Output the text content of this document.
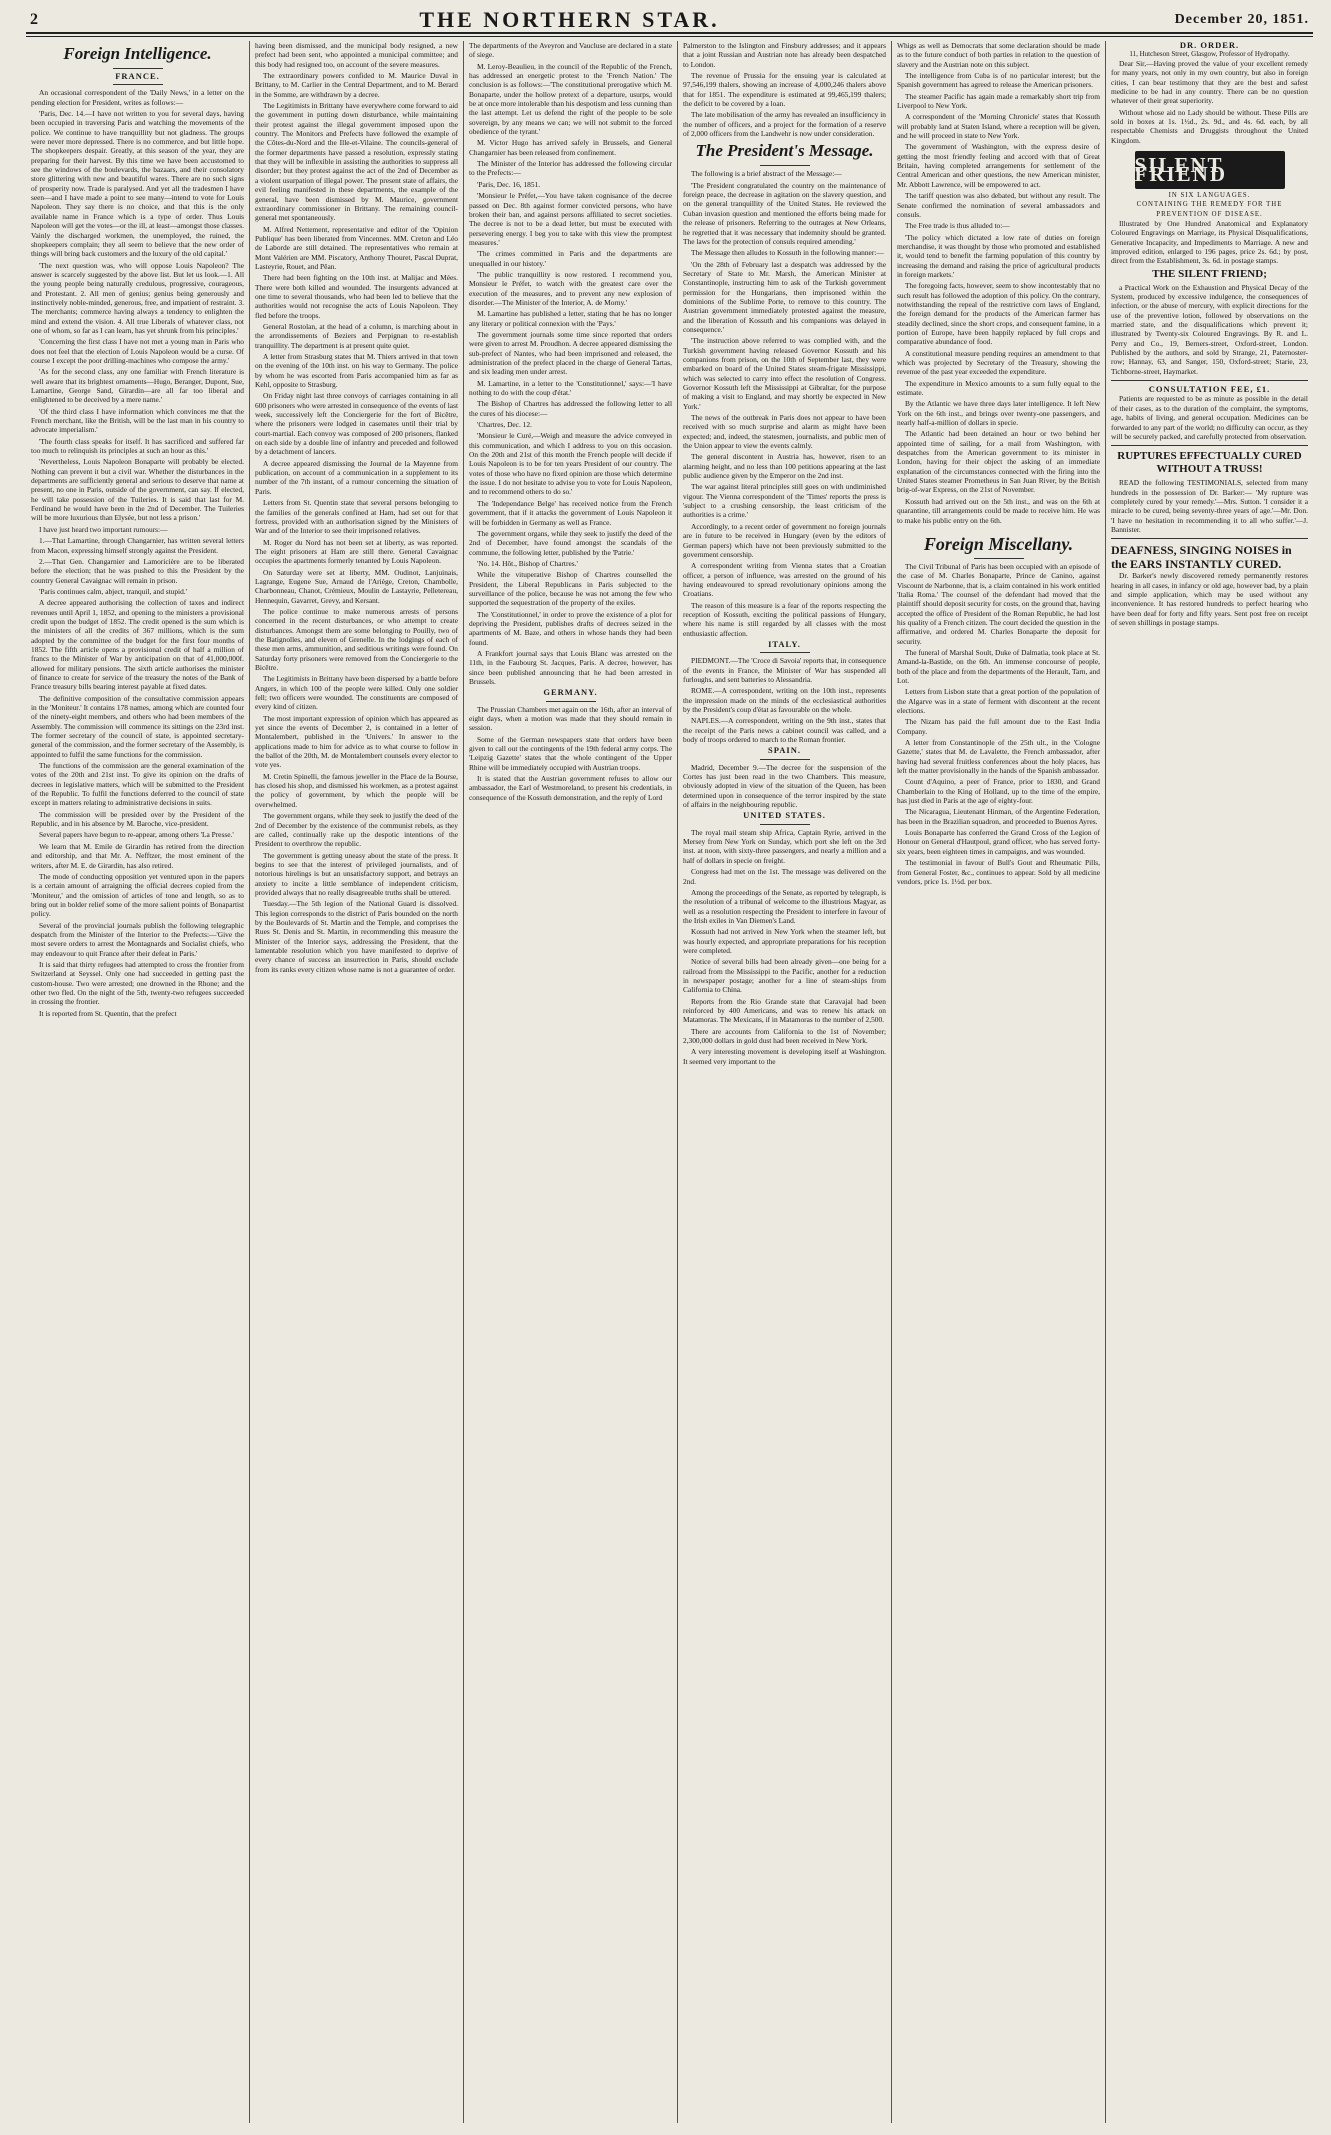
2	THE NORTHERN STAR.	December 20, 1851.
Foreign Intelligence.
FRANCE.

An occasional correspondent of the 'Daily News,' in a letter on the pending election for President, writes as follows:—

'Paris, Dec. 14.—I have not written to you for several days, having been occupied in traversing Paris and watching the movements of the police. We continue to have tranquillity but not gladness. The groups were never more depressed. There is no commerce, and but little hope. The shopkeepers despair. Greatly, at this season of the year, they are preparing for their harvest. By this time we have been accustomed to see the windows of the boulevards, the bazaars, and their consolatory store glittering with new and beautiful wares. There are no such signs of prosperity now. Trade is paralysed. And yet all the tradesmen I have seen—and I have made a point to see many—intend to vote for Louis Napoleon. They say there is no choice, and that this is the only available name in France which is a type of order. Thus Louis Napoleon will get the votes—or the ill, at least—amongst those classes. Vainly the discharged workmen, the unemployed, the ruined, the shopkeepers complain; they all seem to believe that the new order of things will bring back customers and the luxury of the old capital.'

'The next question was, who will oppose Louis Napoleon? The answer is scarcely suggested by the above list. But let us look.—1. All the young people being naturally credulous, progressive, courageous, and Protestant. 2. All men of genius; genius being generously and instinctively noble-minded, generous, free, and impatient of restraint. 3. The merchants; commerce having always a tendency to enlighten the mind and extend the vision. 4. All true Liberals of whatever class, not one of whom, so far as I can learn, has yet shrunk from his principles.'

'Concerning the first class I have not met a young man in Paris who does not feel that the election of Louis Napoleon would be a curse. Of course I except the poor drilling-machines who compose the army.'

'As for the second class, any one familiar with French literature is well aware that its brightest ornaments—Hugo, Beranger, Dupont, Sue, Lamartine, George Sand, Girardin—are all far too liberal and enlightened to be deceived by a mere name.'

'Of the third class I have information which convinces me that the French merchant, like the British, will be the last man in his country to advocate imperialism.'

'The fourth class speaks for itself. It has sacrificed and suffered far too much to relinquish its principles at such an hour as this.'

'Nevertheless, Louis Napoleon Bonaparte will probably be elected. Nothing can prevent it but a civil war. Whether the disturbances in the departments are sufficiently general and serious to deserve that name at present, no one in Paris, outside of the government, can say. If elected, he will take possession of the Tuileries. It is said that last for M. Ferdinand he would have been in the 2nd of December. The Tuileries will be more luxurious than Elysée, but not less a prison.'

I have just heard two important rumours:—

1.—That Lamartine, through Changarnier, has written several letters from Macon, expressing himself strongly against the President.

2.—That Gen. Changarnier and Lamoricière are to be liberated before the election; that he was pushed to this the President by the country General Cavaignac will remain in prison.

'Paris continues calm, abject, tranquil, and stupid.'

A decree appeared authorising the collection of taxes and indirect revenues until April 1, 1852, and opening to the ministers a provisional credit upon the budget of 1852. The credit opened is the sum which is the ministers of all the credits of 367 millions, which is the sum adopted by the committee of the budget for the first four months of 1852. The fifth article opens a provisional credit of half a million of francs to the Minister of War by anticipation on that of 41,000,000f. allowed for military pensions. The sixth article authorises the minister of finance to create for service of the treasury the notes of the Bank of France treasury bills bearing interest payable at fixed dates.

The definitive composition of the consultative commission appears in the 'Moniteur.' It contains 178 names, among which are counted four of the ninety-eight members, and others who had been members of the Assembly. The commission will commence its sittings on the 23rd inst. The former secretary of the council of state, is appointed secretary-general of the commission, and the former secretary of the Assembly, is appointed to fulfil the same functions for the commission.

The functions of the commission are the general examination of the votes of the 20th and 21st inst. To give its opinion on the drafts of decrees in legislative matters, which will be submitted to the President of the Republic. To fulfil the functions deferred to the council of state except in matters relating to administrative decisions in suits.

The commission will be presided over by the President of the Republic, and in his absence by M. Baroche, vice-president.

Several papers have begun to re-appear, among others 'La Presse.'

We learn that M. Emile de Girardin has retired from the direction and editorship, and that Mr. A. Nefftzer, the most eminent of the writers, after M. E. de Girardin, has also retired.

The mode of conducting opposition yet ventured upon in the papers is a certain amount of arraigning the official decrees copied from the 'Moniteur,' and the omission of articles of tone and length, so as to bring out in bolder relief some of the more salient points of Bonapartist policy.

Several of the provincial journals publish the following telegraphic despatch from the Minister of the Interior to the Prefects:—'Give the most severe orders to arrest the Montagnards and Socialist chiefs, who may endeavour to quit France after their defeat in Paris.'

It is said that thirty refugees had attempted to cross the frontier from Switzerland at Seyssel. Only one had succeeded in getting past the custom-house. Two were arrested; one drowned in the Rhone; and the other two fled. On the night of the 5th, twenty-two refugees succeeded in crossing the frontier.

It is reported from St. Quentin, that the prefect

having been dismissed, and the municipal body resigned, a new prefect had been sent, who appointed a municipal committee; and this body had resigned too, on account of the severe measures.

The extraordinary powers confided to M. Maurice Duval in Brittany, to M. Carlier in the Central Department, and to M. Berard in the Somme, are withdrawn by a decree.

The Legitimists in Brittany have everywhere come forward to aid the government in putting down disturbance, while maintaining their protest against the illegal government imposed upon the country. The Monitors and Prefects have followed the example of the Côtes-du-Nord and the Ille-et-Vilaine. The councils-general of the former departments have passed a resolution, expressly stating that they will be inflexible in assisting the authorities to suppress all disorder; but they protest against the act of the 2nd of December as a violent usurpation of illegal power. The present state of affairs, the evil feeling manifested in these departments, the example of the general, have been dismissed by M. Maurice, government extraordinary commissioner in Brittany. The remaining council-general met spontaneously.

M. Alfred Nettement, representative and editor of the 'Opinion Publique' has been liberated from Vincennes. MM. Creton and Léo de Laborde are still detained. The representatives who remain at Mont Valérien are MM. Piscatory, Anthony Thouret, Pascal Duprat, Lasteyrie, Rouet, and Pêan.

There had been fighting on the 10th inst. at Malijac and Mées. There were both killed and wounded. The insurgents advanced at one time to several thousands, who had been led to believe that the authorities would not recognise the acts of Louis Napoleon. They fled before the troops.

General Rostolan, at the head of a column, is marching about in the arrondissements of Beziers and Perpignan to re-establish tranquillity. The department is at present quite quiet.

A letter from Strasburg states that M. Thiers arrived in that town on the evening of the 10th inst. on his way to Germany. The police by whom he was escorted from Paris accompanied him as far as Kehl, opposite to Strasburg.

On Friday night last three convoys of carriages containing in all 600 prisoners who were arrested in consequence of the events of last week, successively left the Conciergerie for the fort of Bicêtre, where the prisoners were lodged in casemates until their trial by court-martial. Each convoy was composed of 200 prisoners, flanked on each side by a double line of infantry and preceded and followed by a detachment of lancers.

A decree appeared dismissing the Journal de la Mayenne from publication, on account of a communication in a supplement to its number of the 7th instant, of a rumour concerning the situation of Paris.

Letters from St. Quentin state that several persons belonging to the families of the generals confined at Ham, had set out for that fortress, provided with an authorisation signed by the Ministers of War and of the Interior to see their imprisoned relatives.

M. Roger du Nord has not been set at liberty, as was reported. The eight prisoners at Ham are still there. General Cavaignac occupies the apartments formerly tenanted by Louis Napoleon.

On Saturday were set at liberty, MM. Oudinot, Lanjuinais, Lagrange, Eugene Sue, Arnaud de l'Ariège, Creton, Chambolle, Charbonneau, Chanot, Crémieux, Moulin de Lastayrie, Pelletereau, Hennequin, Gavarret, Grevy, and Kersant.

The police continue to make numerous arrests of persons concerned in the recent disturbances, or who attempt to create disturbances. Amongst them are some belonging to Pouilly, two of the Batignolles, and eleven of Grenelle. In the lodgings of each of these men arms, ammunition, and seditious writings were found. On Saturday forty prisoners were removed from the Conciergerie to the Bicêtre.

The Legitimists in Brittany have been dispersed by a battle before Angers, in which 100 of the people were killed. Only one soldier fell; two officers were wounded. The constituents are composed of every kind of citizen.

The most important expression of opinion which has appeared as yet since the events of December 2, is contained in a letter of Montalembert, published in the 'Univers.' In answer to the applications made to him for advice as to what course to follow in the ballot of the 20th, M. de Montalembert counsels every elector to vote yes.

M. Cretin Spinelli, the famous jeweller in the Place de la Bourse, has closed his shop, and dismissed his workmen, as a protest against the policy of government, by which the people will be overwhelmed.

The government organs, while they seek to justify the deed of the 2nd of December by the existence of the communist rebels, as they are called, continually rake up the despotic intentions of the President to overthrow the republic.

The government is getting uneasy about the state of the press. It begins to see that the interest of privileged journalists, and of notorious hirelings is but an unsatisfactory support, and betrays an anxiety to incite a little semblance of independent criticism, provided always that no really disagreeable truths shall be uttered.

Tuesday.—The 5th legion of the National Guard is dissolved. This legion corresponds to the district of Paris bounded on the north by the Boulevards of St. Martin and the Temple, and comprises the Rues St. Denis and St. Martin, in recommending this measure the Minister of the Interior says, addressing the President, that the lamentable resolution which you have manifested to deprive of every chance of success an insurrection in Paris, should exclude from its ranks every citizen whose name is not a guarantee of order.

The departments of the Aveyron and Vaucluse are declared in a state of siege.

M. Leroy-Beaulieu, in the council of the Republic of the French, has addressed an energetic protest to the 'French Nation.' The conclusion is as follows:—'The constitutional prerogative which M. Bonaparte, under the hollow pretext of a departure, usurps, would be at once more intolerable than his despotism and less cunning than the last attempt. Let us defend the right of the people to be sole sovereign, by any means we can; we will not submit to the forced obedience of the tyrant.'

M. Victor Hugo has arrived safely in Brussels, and General Changarnier has been released from confinement.

The Minister of the Interior has addressed the following circular to the Prefects:—

'Paris, Dec. 16, 1851.

'Monsieur le Préfet,—You have taken cognisance of the decree passed on Dec. 8th against former convicted persons, who have broken their ban, and against persons affiliated to secret societies. The decree is not to be a dead letter, but must be executed with persevering energy. I beg you to take with this view the promptest measures.'

'The crimes committed in Paris and the departments are unequalled in our history.'

'The public tranquillity is now restored. I recommend you, Monsieur le Préfet, to watch with the greatest care over the execution of the measures, and to prevent any new explosion of disorder.—The Minister of the Interior, A. de Morny.'

M. Lamartine has published a letter, stating that he has no longer any literary or political connexion with the 'Pays.'

The government journals some time since reported that orders were given to arrest M. Proudhon. A decree appeared dismissing the sub-prefect of Nantes, who had been imprisoned and released, the administration of the prefect placed in the charge of General Tartas, and six leading men under arrest.

M. Lamartine, in a letter to the 'Constitutionnel,' says:—'I have nothing to do with the coup d'état.'

The Bishop of Chartres has addressed the following letter to all the cures of his diocese:—

'Chartres, Dec. 12.

'Monsieur le Curé,—Weigh and measure the advice conveyed in this communication, and which I address to you on this occasion. On the 20th and 21st of this month the French people will decide if Louis Napoleon is to be for ten years President of our country. The votes of those who have no fixed opinion are those which determine the issue. I do not hesitate to advise you to vote for Louis Napoleon, and to recommend others to do so.'

The 'Independance Belge' has received notice from the French government, that if it attacks the government of Louis Napoleon it will be forbidden in Germany as well as France.

The government organs, while they seek to justify the deed of the 2nd of December, have found amongst the scandals of the commune, the following letter, published by the 'Patrie.'

'No. 14. Hôt., Bishop of Chartres.'

While the vituperative Bishop of Chartres counselled the President, the Liberal Republicans in Paris subjected to the surveillance of the police, because he was not among the few who supported the sequestration of the property of the exiles.

The 'Constitutionnel,' in order to prove the existence of a plot for depriving the President, publishes drafts of decrees seized in the apartments of M. Baze, and others in whose hands they had been found.

A Frankfort journal says that Louis Blanc was arrested on the 11th, in the Faubourg St. Jacques, Paris. A decree, however, has since been published announcing that he had been arrested in Brussels.

GERMANY.

The Prussian Chambers met again on the 16th, after an interval of eight days, when a motion was made that they should remain in session.

Some of the German newspapers state that orders have been given to call out the contingents of the 19th federal army corps. The 'Leipzig Gazette' states that the whole contingent of the Upper Rhine will be immediately occupied with Austrian troops.

It is stated that the Austrian government refuses to allow our ambassador, the Earl of Westmoreland, to present his credentials, in consequence of the Kossuth demonstration, and the reply of Lord

Palmerston to the Islington and Finsbury addresses; and it appears that a joint Russian and Austrian note has already been despatched to London.

The revenue of Prussia for the ensuing year is calculated at 97,546,199 thalers, showing an increase of 4,000,246 thalers above that for 1851. The expenditure is estimated at 99,465,199 thalers; the deficit to be covered by a loan.

The late mobilisation of the army has revealed an insufficiency in the number of officers, and a project for the formation of a reserve of 2,000 officers from the Landwehr is now under consideration.

The President's Message.

The following is a brief abstract of the Message:—

'The President congratulated the country on the maintenance of foreign peace, the decrease in agitation on the slavery question, and on the general tranquillity of the United States. He reviewed the Cuban invasion question and mentioned the efforts being made for the release of prisoners. Referring to the outrages at New Orleans, he regretted that it was necessary that indemnity should be granted. The laws for the protection of consuls required amending.'

The Message then alludes to Kossuth in the following manner:—

'On the 28th of February last a despatch was addressed by the Secretary of State to Mr. Marsh, the American Minister at Constantinople, instructing him to ask of the Turkish government permission for the Hungarians, then imprisoned within the dominions of the Sublime Porte, to remove to this country. The Austrian government immediately protested against the measure, and the liberation of Kossuth and his companions was delayed in consequence.'

'The instruction above referred to was complied with, and the Turkish government having released Governor Kossuth and his companions from prison, on the 10th of September last, they were embarked on board of the United States steam-frigate Mississippi, which was selected to carry into effect the resolution of Congress. Governor Kossuth left the Mississippi at Gibraltar, for the purpose of making a visit to England, and may shortly be expected in New York.'

The news of the outbreak in Paris does not appear to have been received with so much surprise and alarm as might have been expected; and, indeed, the statesmen, journalists, and public men of the Union appear to view the events calmly.

The general discontent in Austria has, however, risen to an alarming height, and no less than 100 petitions appearing at the last public audience given by the Emperor on the 2nd inst.

The war against literal principles still goes on with undiminished vigour. The Vienna correspondent of the 'Times' reports the press is 'subject to a crushing censorship, the least criticism of the authorities is a crime.'

Accordingly, to a recent order of government no foreign journals are in future to be received in Hungary (even by the editors of German papers) which have not been previously submitted to the government censorship.

A correspondent writing from Vienna states that a Croatian officer, a person of influence, was arrested on the ground of his having endeavoured to spread revolutionary opinions among the Croatians.

The reason of this measure is a fear of the reports respecting the reception of Kossuth, exciting the political passions of Hungary, where his name is still regarded by all classes with the most enthusiastic affection.

ITALY.

PIEDMONT.—The 'Croce di Savoia' reports that, in consequence of the events in France, the Minister of War has suspended all furloughs, and sent batteries to Alessandria.

ROME.—A correspondent, writing on the 10th inst., represents the impression made on the minds of the ecclesiastical authorities by the President's coup d'état as favourable on the whole.

NAPLES.—A correspondent, writing on the 9th inst., states that the receipt of the Paris news a cabinet council was called, and a body of troops ordered to march to the Roman frontier.

SPAIN.

Madrid, December 9.—The decree for the suspension of the Cortes has just been read in the two Chambers. This measure, obviously adopted in view of the situation of the Queen, has been determined upon in consequence of the terror inspired by the state of affairs in the neighbouring republic.

UNITED STATES.

The royal mail steam ship Africa, Captain Ryrie, arrived in the Mersey from New York on Sunday, which port she left on the 3rd inst. at noon, with sixty-three passengers, and nearly a million and a half of dollars in specie on freight.

Congress had met on the 1st. The message was delivered on the 2nd.

Among the proceedings of the Senate, as reported by telegraph, is the resolution of a tribunal of welcome to the illustrious Magyar, as well as a resolution respecting the President to interfere in favour of the Irish exiles in Van Diemen's Land.

Kossuth had not arrived in New York when the steamer left, but was hourly expected, and appropriate preparations for his reception were completed.

Notice of several bills had been already given—one being for a railroad from the Mississippi to the Pacific, another for a reduction in newspaper postage; another for a line of steam-ships from California to China.

Reports from the Rio Grande state that Caravajal had been reinforced by 400 Americans, and was to renew his attack on Matamoras. The Mexicans, if in Matamoras to the number of 2,500.

There are accounts from California to the 1st of November; 2,300,000 dollars in gold dust had been received in New York.

A very interesting movement is developing itself at Washington. It seemed very important to the

Whigs as well as Democrats that some declaration should be made as to the future conduct of both parties in relation to the question of slavery and the Austrian note on this subject.

The intelligence from Cuba is of no particular interest; but the Spanish government has agreed to release the American prisoners.

The steamer Pacific has again made a remarkably short trip from Liverpool to New York.

A correspondent of the 'Morning Chronicle' states that Kossuth will probably land at Staten Island, where a reception will be given, and he will proceed in state to New York.

The government of Washington, with the express desire of getting the most friendly feeling and accord with that of Great Britain, having completed arrangements for settlement of the Central American and other questions, the new American minister, Mr. Abbott Lawrence, will be empowered to act.

The tariff question was also debated, but without any result. The Senate confirmed the nomination of several ambassadors and consuls.

The Free trade is thus alluded to:—

'The policy which dictated a low rate of duties on foreign merchandise, it was thought by those who promoted and established it, would tend to benefit the farming population of this country by increasing the demand and raising the price of agricultural products in foreign markets.'

The foregoing facts, however, seem to show incontestably that no such result has followed the adoption of this policy. On the contrary, notwithstanding the repeal of the restrictive corn laws of England, the foreign demand for the products of the American farmer has steadily declined, since the short crops, and consequent famine, in a portion of Europe, have been happily replaced by full crops and comparative abundance of food.

A constitutional measure pending requires an amendment to that which was projected by Secretary of the Treasury, showing the revenue of the past year exceeded the expenditure.

The expenditure in Mexico amounts to a sum fully equal to the estimate.

By the Atlantic we have three days later intelligence. It left New York on the 6th inst., and brings over twenty-one passengers, and nearly half-a-million of dollars in specie.

The Atlantic had been detained an hour or two behind her appointed time of sailing, for a mail from Washington, with despatches from the American government to its minister in London, having for their object the asking of an immediate explanation of the circumstances connected with the firing into the United States steamer Prometheus in San Juan River, by the British brig-of-war Express, on the 21st of November.

Kossuth had arrived out on the 5th inst., and was on the 6th at quarantine, till arrangements could be made to receive him. He was to make his public entry on the 6th.

Foreign Miscellany.

The Civil Tribunal of Paris has been occupied with an episode of the case of M. Charles Bonaparte, Prince de Canino, against Viscount de Narbonne, that is, a claim contained in his work entitled 'Italia Roma.' The counsel of the defendant had moved that the plaintiff should deposit security for costs, on the ground that, having accepted the office of President of the Roman Republic, he had lost his quality of a French citizen. The court decided the question in the affirmative, and ordered M. Charles Bonaparte the deposit for security.

The funeral of Marshal Soult, Duke of Dalmatia, took place at St. Amand-la-Bastide, on the 6th. An immense concourse of people, both of the place and from the departments of the Herault, Tarn, and Lot.

Letters from Lisbon state that a great portion of the population of the Algarve was in a state of ferment with discontent at the recent elections.

The Nizam has paid the full amount due to the East India Company.

A letter from Constantinople of the 25th ult., in the 'Cologne Gazette,' states that M. de Lavalette, the French ambassador, after having had several fruitless conferences about the holy places, has left the matter provisionally in the hands of the Spanish ambassador.

Count d'Aquino, a peer of France, prior to 1830, and Grand Chamberlain to the King of Holland, up to the time of the empire, has just died in Paris at the age of eighty-four.

The Nicaragua, Lieutenant Hinman, of the Argentine Federation, has been in the Brazilian squadron, and proceeded to Buenos Ayres.

Louis Bonaparte has conferred the Grand Cross of the Legion of Honour on General d'Hautpoul, grand officer, who has served forty-six years, been eighteen times in campaigns, and was wounded.

The testimonial in favour of Bull's Gout and Rheumatic Pills, from General Foster, &c., continues to appear. Sold by all medicine vendors, price 1s. 1½d. per box.

DR. ORDER.
11, Hutcheson Street, Glasgow, Professor of Hydropathy.

Dear Sir,—Having proved the value of your excellent remedy for many years, not only in my own country, but also in foreign cities, I can bear testimony that they are the best and safest medicine to be had in any country. There can be no question whatever of their great superiority.

Without whose aid no Lady should be without. These Pills are sold in boxes at 1s. 1½d., 2s. 9d., and 4s. 6d. each, by all respectable Chemists and Druggists throughout the United Kingdom.

SILENT FRIEND
IN SIX LANGUAGES.
CONTAINING THE REMEDY FOR THE PREVENTION OF DISEASE.

Illustrated by One Hundred Anatomical and Explanatory Coloured Engravings on Marriage, its Physical Disqualifications, Generative Incapacity, and Impediments to Marriage. A new and improved edition, enlarged to 196 pages, price 2s. 6d.; by post, direct from the Establishment, 3s. 6d. in postage stamps.

THE SILENT FRIEND;

a Practical Work on the Exhaustion and Physical Decay of the System, produced by excessive indulgence, the consequences of infection, or the abuse of mercury, with explicit directions for the use of the preventive lotion, followed by observations on the married state, and the disqualifications which prevent it; illustrated by Twenty-six Coloured Engravings. By R. and L. Perry and Co., 19, Berners-street, Oxford-street, London. Published by the authors, and sold by Strange, 21, Paternoster-row; Hannay, 63, and Sanger, 150, Oxford-street; Starie, 23, Tichborne-street, Haymarket.

CONSULTATION FEE, £1.

Patients are requested to be as minute as possible in the detail of their cases, as to the duration of the complaint, the symptoms, age, habits of living, and general occupation. Medicines can be forwarded to any part of the world; no difficulty can occur, as they will be securely packed, and carefully protected from observation.

RUPTURES EFFECTUALLY CURED WITHOUT A TRUSS!

READ the following TESTIMONIALS, selected from many hundreds in the possession of Dr. Barker:— 'My rupture was completely cured by your remedy.'—Mrs. Sutton. 'I consider it a miracle to be cured, being seventy-three years of age.'—Mr. Don. 'I have no hesitation in recommending it to all who suffer.'—J. Bannister.

DEAFNESS, SINGING NOISES in the EARS INSTANTLY CURED.

Dr. Barker's newly discovered remedy permanently restores hearing in all cases, in infancy or old age, however bad, by a plain and simple application, which may be used without any inconvenience. It has restored hundreds to perfect hearing who have been deaf for forty and fifty years. Sent post free on receipt of seven shillings in postage stamps.
